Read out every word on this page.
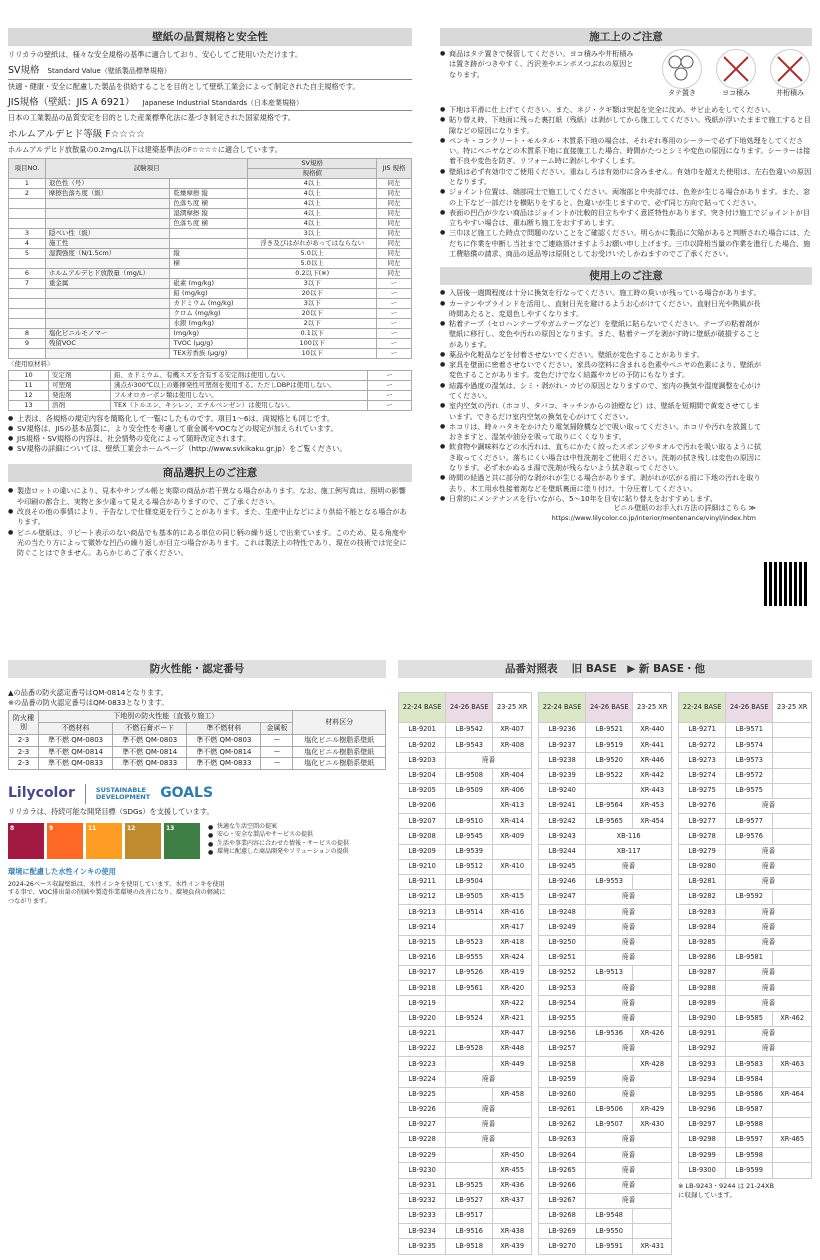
壁紙の品質規格と安全性

リリカラの壁紙は、様々な安全規格の基準に適合しており、安心してご使用いただけます。

SV規格 Standard Value（壁紙製品標準規格）

快適・健康・安全に配慮した製品を供給することを目的として壁紙工業会によって制定された自主規格です。

JIS規格（壁紙：JIS A 6921） Japanese Industrial Standards（日本産業規格）

日本の工業製品の品質安定を目的とした産業標準化法に基づき制定された国家規格です。

ホルムアルデヒド等級 F☆☆☆☆

ホルムアルデヒド放散量の0.2mg/L以下は建築基準法のF☆☆☆☆に適合しています。

項目NO.	試験項目		SV規格	JIS 規格
			規格値	
1	退色性（号）		4以上	同左
2	摩擦色落ち度（級）	乾燥摩擦 縦	4以上	同左
		色落ち度 横	4以上	同左
		湿潤摩擦 縦	4以上	同左
		色落ち度 横	4以上	同左
3	隠ぺい性（級）		3以上	同左
4	施工性		浮き及びはがれがあってはならない	同左
5	湿潤強度（N/1.5cm）	縦	5.0以上	同左
		横	5.0以上	同左
6	ホルムアルデヒド放散量（mg/L）		0.2以下(※)	同左
7	重金属	砒素 (mg/kg)	3以下	ー
		鉛 (mg/kg)	20以下	ー
		カドミウム (mg/kg)	3以下	ー
		クロム (mg/kg)	20以下	ー
		水銀 (mg/kg)	2以下	ー
8	塩化ビニルモノマー	(mg/kg)	0.1以下	ー
9	残留VOC	TVOC (μg/g)	100以下	ー
		TEX芳香族 (μg/g)	10以下	ー
〈使用原材料〉
10	安定剤	鉛、カドミウム、有機スズを含有する安定剤は使用しない。	ー
11	可塑剤	沸点が300℃以上の難揮発性可塑剤を使用する。ただしDBPは使用しない。	ー
12	発泡剤	フルオロカーボン類は使用しない。	ー
13	溶剤	TEX（トルエン、キシレン、エチルベンゼン）は使用しない。	ー
● 上表は、各規格の規定内容を簡略化して一覧にしたものです。項目1〜6は、両規格とも同じです。
● SV規格は、JISの基本品質に、より安全性を考慮して重金属やVOCなどの規定が加えられています。
● JIS規格・SV規格の内容は、社会情勢の変化によって随時改定されます。
● SV規格の詳細については、壁紙工業会ホームページ（http://www.svkikaku.gr.jp）をご覧ください。
商品選択上のご注意
● 製造ロットの違いにより、見本やサンプル帳と実際の商品が若干異なる場合があります。なお、施工例写真は、照明の影響や印刷の都合上、実物と多少違って見える場合がありますので、ご了承ください。
● 改良その他の事情により、予告なしで仕様変更を行うことがあります。また、生産中止などにより供給不能となる場合があります。
● ビニル壁紙は、リピート表示のない商品でも基本的にある単位の同じ柄の繰り返しで出来ています。このため、見る角度や光の当たり方によって微妙な凹凸の繰り返しが目立つ場合があります。これは製法上の特性であり、現在の技術では完全に防ぐことはできません。あらかじめご了承ください。
施工上のご注意
● 商品はタテ置きで保管してください。ヨコ積みや井桁積みは置き跡がつきやすく、汚沢差やエンボスつぶれの原因となります。
タテ置き	ヨコ積み	井桁積み
● 下地は平滑に仕上げてください。また、ネジ・クギ類は突起を完全に沈め、サビ止めをしてください。
● 貼り替え時、下地面に残った裏打紙（残紙）は剥がしてから施工してください。残紙が浮いたままで施工すると目隙などの原因になります。
● ベンキ・コンクリート・モルタル・木質系下地の場合は、それぞれ専用のシーラーで必ず下地処理をしてください。特にベニヤなどの木質系下地に直接施工した場合、時間がたつとシミや変色の原因になります。シーラーは接着不良や変色を防ぎ、リフォーム時に剥がしやすくします。
● 壁紙は必ず有効巾でご使用ください。重ねしろは有効巾に含みません。有効巾を超えた使用は、左右色違いの原因となります。
● ジョイント位置は、端部同士で施工してください。両端部と中央部では、色差が生じる場合があります。また、窓の上下など一部だけを横貼りをすると、色違いが生じますので、必ず同じ方向で貼ってください。
● 表面の凹凸が少ない商品はジョイントが比較的目立ちやすく意匠特性があります。突き付け施工でジョイントが目立ちやすい場合は、重ね断ち施工をおすすめします。
● 三巾ほど施工した時点で問題のないことをご確認ください。明らかに製品に欠陥があると判断された場合には、ただちに作業を中断し当社までご連絡頂けますようお願い申し上げます。三巾以降相当量の作業を進行した場合、施工費賠償の請求、商品の返品等は原則としてお受けいたしかねますのでご了承ください。
使用上のご注意
● 入居後一週間程度は十分に換気を行なってください。施工時の臭いが残っている場合があります。
● カーテンやブラインドを活用し、直射日光を避けるようお心がけてください。直射日光や熱風が長時間あたると、変退色しやすくなります。
● 粘着テープ（セロハンテープやガムテープなど）を壁紙に貼らないでください。テープの粘着剤が壁紙に移行し、変色や汚れの原因となります。また、粘着テープを剥がす時に壁紙が破損することがあります。
● 薬品や化粧品などを付着させないでください。壁紙が変色することがあります。
● 家具を壁面に密着させないでください。家具の塗料に含まれる色素やベニヤの色素により、壁紙が変色することがあります。変色だけでなく結露やカビの予防にもなります。
● 結露や過度の湿気は、シミ・剥がれ・カビの原因となりますので、室内の換気や湿度調整を心がけてください。
● 室内空気の汚れ（ホコリ、タバコ、キッチンからの油煙など）は、壁紙を短期間で黄変させてしまいます。できるだけ室内空気の換気を心がけてください。
● ホコリは、時々ハタキをかけたり電気掃除機などで吸い取ってください。ホコリや汚れを放置しておきますと、湿気や油分を吸って取りにくくなります。
● 飲食物や調味料などの水汚れは、直ちにかたく絞ったスポンジやタオルで汚れを吸い取るように拭き取ってください。落ちにくい場合は中性洗剤をご使用ください。洗剤の拭き残しは変色の原因になります。必ず水かぬるま湯で洗剤が残らないよう拭き取ってください。
● 時間の経過と共に部分的な剥がれが生じる場合があります。剥がれが広がる前に下地の汚れを取り去り、木工用水性接着剤などを壁紙裏面に塗り付け、十分圧着してください。
● 日常的にメンテナンスを行いながら、5〜10年を目安に貼り替えをおすすめします。
ビニル壁紙のお手入れ方法の詳細はこちら ≫
https://www.lilycolor.co.jp/interior/mentenance/vinyl/index.htm
防火性能・認定番号

▲の品番の防火認定番号はQM-0814となります。

※の品番の防火認定番号はQM-0833となります。

防火種別	下地別の防火性能（直張り施工）				材料区分
	不燃材料	不燃石膏ボード	準不燃材料	金属板	
2-3	準不燃 QM-0803	準不燃 QM-0803	準不燃 QM-0803	ー	塩化ビニル樹脂系壁紙
2-3	準不燃 QM-0814	準不燃 QM-0814	準不燃 QM-0814	ー	塩化ビニル樹脂系壁紙
2-3	準不燃 QM-0833	準不燃 QM-0833	準不燃 QM-0833	ー	塩化ビニル樹脂系壁紙
Lilycolor	SUSTAINABLE
DEVELOPMENT GOALS

リリカラは、持続可能な開発目標（SDGs）を支援しています。

8	9	11	12	13	● 快適な生活空間の提案
● 安心・安全な製品やサービスの提供
● 生活や事業内容に合わせた情報・サービスの提供
● 環境に配慮した商品開発やソリューションの提供

環境に配慮した水性インキの使用

2024-26ベース収録壁紙は、水性インキを使用しています。水性インキを使用する事で、VOC排出量の削減や製造作業環境の改善になり、環境負荷の軽減につながります。

品番対照表　 旧 BASE　▶ 新 BASE・他
22-24 BASE	24-26 BASE	23-25 XR
LB-9201	LB-9542	XR-407
LB-9202	LB-9543	XR-408
LB-9203	廃番	
LB-9204	LB-9508	XR-404
LB-9205	LB-9509	XR-406
LB-9206		XR-413
LB-9207	LB-9510	XR-414
LB-9208	LB-9545	XR-409
LB-9209	LB-9539	
LB-9210	LB-9512	XR-410
LB-9211	LB-9504	
LB-9212	LB-9505	XR-415
LB-9213	LB-9514	XR-416
LB-9214		XR-417
LB-9215	LB-9523	XR-418
LB-9216	LB-9555	XR-424
LB-9217	LB-9526	XR-419
LB-9218	LB-9561	XR-420
LB-9219		XR-422
LB-9220	LB-9524	XR-421
LB-9221		XR-447
LB-9222	LB-9528	XR-448
LB-9223		XR-449
LB-9224	廃番	
LB-9225		XR-458
LB-9226	廃番	
LB-9227	廃番	
LB-9228	廃番	
LB-9229		XR-450
LB-9230		XR-455
LB-9231	LB-9525	XR-436
LB-9232	LB-9527	XR-437
LB-9233	LB-9517	
LB-9234	LB-9516	XR-438
LB-9235	LB-9518	XR-439
22-24 BASE	24-26 BASE	23-25 XR
LB-9236	LB-9521	XR-440
LB-9237	LB-9519	XR-441
LB-9238	LB-9520	XR-446
LB-9239	LB-9522	XR-442
LB-9240		XR-443
LB-9241	LB-9564	XR-453
LB-9242	LB-9565	XR-454
LB-9243	XB-116	
LB-9244	XB-117	
LB-9245	廃番	
LB-9246	LB-9553	
LB-9247	廃番	
LB-9248	廃番	
LB-9249	廃番	
LB-9250	廃番	
LB-9251	廃番	
LB-9252	LB-9513	
LB-9253	廃番	
LB-9254	廃番	
LB-9255	廃番	
LB-9256	LB-9536	XR-426
LB-9257	廃番	
LB-9258		XR-428
LB-9259	廃番	
LB-9260	廃番	
LB-9261	LB-9506	XR-429
LB-9262	LB-9507	XR-430
LB-9263	廃番	
LB-9264	廃番	
LB-9265	廃番	
LB-9266	廃番	
LB-9267	廃番	
LB-9268	LB-9548	
LB-9269	LB-9550	
LB-9270	LB-9591	XR-431
22-24 BASE	24-26 BASE	23-25 XR
LB-9271	LB-9571	
LB-9272	LB-9574	
LB-9273	LB-9573	
LB-9274	LB-9572	
LB-9275	LB-9575	
LB-9276	廃番	
LB-9277	LB-9577	
LB-9278	LB-9576	
LB-9279	廃番	
LB-9280	廃番	
LB-9281	廃番	
LB-9282	LB-9592	
LB-9283	廃番	
LB-9284	廃番	
LB-9285	廃番	
LB-9286	LB-9581	
LB-9287	廃番	
LB-9288	廃番	
LB-9289	廃番	
LB-9290	LB-9585	XR-462
LB-9291	廃番	
LB-9292	廃番	
LB-9293	LB-9583	XR-463
LB-9294	LB-9584	
LB-9295	LB-9586	XR-464
LB-9296	LB-9587	
LB-9297	LB-9588	
LB-9298	LB-9597	XR-465
LB-9299	LB-9598	
LB-9300	LB-9599	

※ LB-9243・9244 は 21-24XB に収録しています。
